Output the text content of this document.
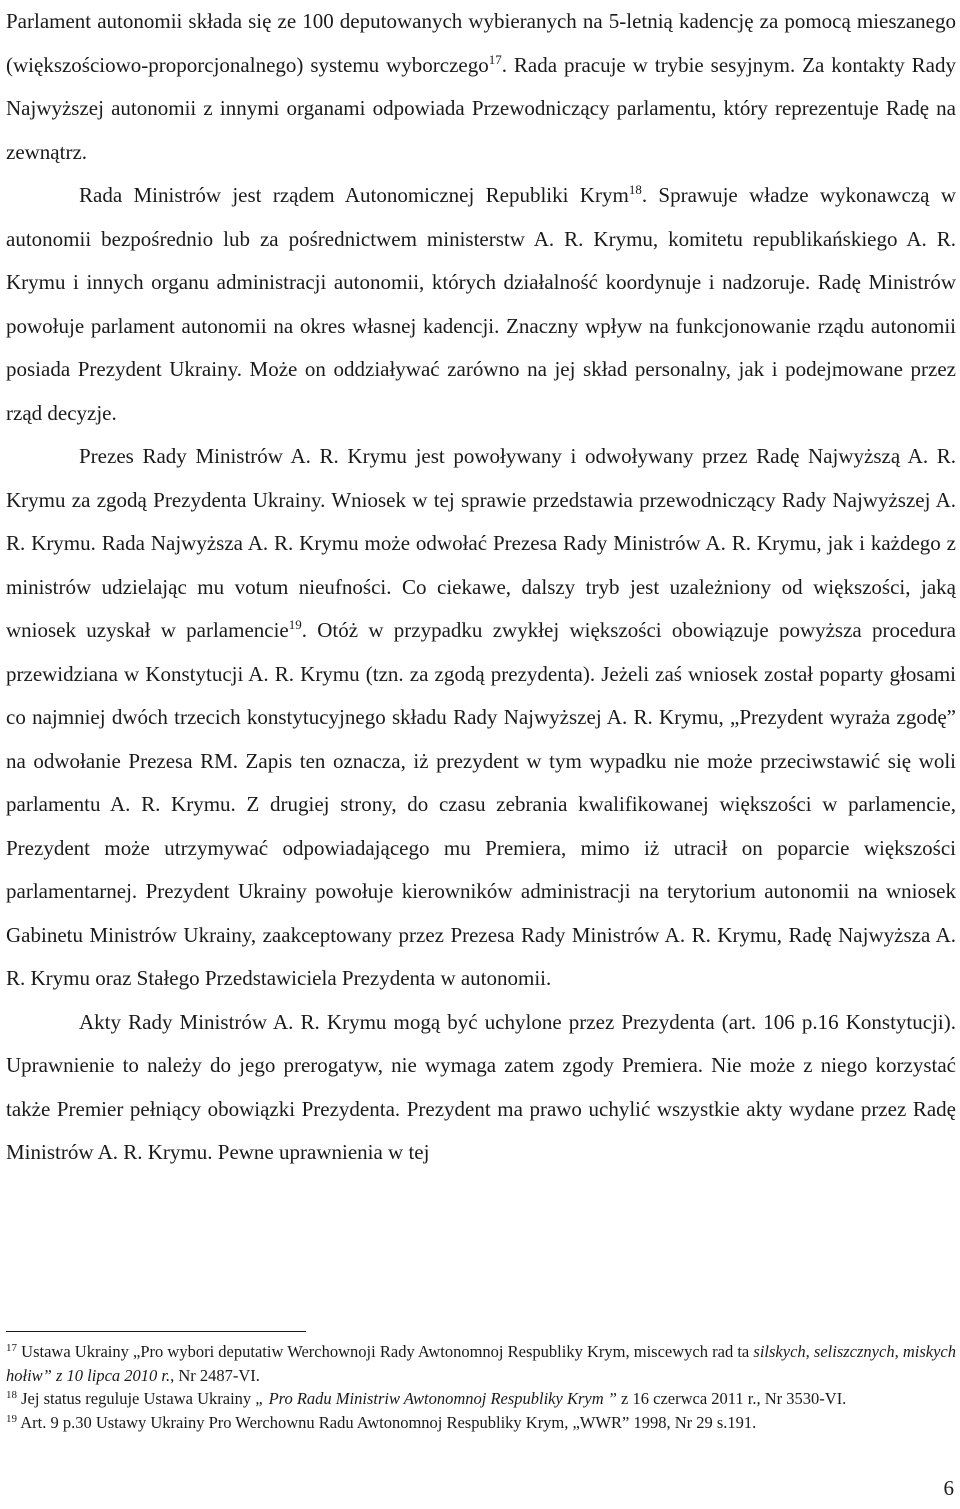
Parlament autonomii składa się ze 100 deputowanych wybieranych na 5-letnią kadencję za pomocą mieszanego (większościowo-proporcjonalnego) systemu wyborczego$^{17}$. Rada pracuje w trybie sesyjnym. Za kontakty Rady Najwyższej autonomii z innymi organami odpowiada Przewodniczący parlamentu, który reprezentuje Radę na zewnątrz.

Rada Ministrów jest rządem Autonomicznej Republiki Krym$^{18}$. Sprawuje władze wykonawczą w autonomii bezpośrednio lub za pośrednictwem ministerstw A. R. Krymu, komitetu republikańskiego A. R. Krymu i innych organu administracji autonomii, których działalność koordynuje i nadzoruje. Radę Ministrów powołuje parlament autonomii na okres własnej kadencji. Znaczny wpływ na funkcjonowanie rządu autonomii posiada Prezydent Ukrainy. Może on oddziaływać zarówno na jej skład personalny, jak i podejmowane przez rząd decyzje.

Prezes Rady Ministrów A. R. Krymu jest powoływany i odwoływany przez Radę Najwyższą A. R. Krymu za zgodą Prezydenta Ukrainy. Wniosek w tej sprawie przedstawia przewodniczący Rady Najwyższej A. R. Krymu. Rada Najwyższa A. R. Krymu może odwołać Prezesa Rady Ministrów A. R. Krymu, jak i każdego z ministrów udzielając mu votum nieufności. Co ciekawe, dalszy tryb jest uzależniony od większości, jaką wniosek uzyskał w parlamencie$^{19}$. Otóż w przypadku zwykłej większości obowiązuje powyższa procedura przewidziana w Konstytucji A. R. Krymu (tzn. za zgodą prezydenta). Jeżeli zaś wniosek został poparty głosami co najmniej dwóch trzecich konstytucyjnego składu Rady Najwyższej A. R. Krymu, „Prezydent wyraża zgodę” na odwołanie Prezesa RM. Zapis ten oznacza, iż prezydent w tym wypadku nie może przeciwstawić się woli parlamentu A. R. Krymu. Z drugiej strony, do czasu zebrania kwalifikowanej większości w parlamencie, Prezydent może utrzymywać odpowiadającego mu Premiera, mimo iż utracił on poparcie większości parlamentarnej. Prezydent Ukrainy powołuje kierowników administracji na terytorium autonomii na wniosek Gabinetu Ministrów Ukrainy, zaakceptowany przez Prezesa Rady Ministrów A. R. Krymu, Radę Najwyższa A. R. Krymu oraz Stałego Przedstawiciela Prezydenta w autonomii.

Akty Rady Ministrów A. R. Krymu mogą być uchylone przez Prezydenta (art. 106 p.16 Konstytucji). Uprawnienie to należy do jego prerogatyw, nie wymaga zatem zgody Premiera. Nie może z niego korzystać także Premier pełniący obowiązki Prezydenta. Prezydent ma prawo uchylić wszystkie akty wydane przez Radę Ministrów A. R. Krymu. Pewne uprawnienia w tej

$^{17}$ Ustawa Ukrainy „Pro wybori deputatiw Werchownoji Rady Awtonomnoj Respubliky Krym, miscewych rad ta silskych, seliszcznych, miskych hołiw” z 10 lipca 2010 r., Nr 2487-VI.

$^{18}$ Jej status reguluje Ustawa Ukrainy „ Pro Radu Ministriw Awtonomnoj Respubliky Krym ” z 16 czerwca 2011 r., Nr 3530-VI.

$^{19}$ Art. 9 p.30 Ustawy Ukrainy Pro Werchownu Radu Awtonomnoj Respubliky Krym, „WWR” 1998, Nr 29 s.191.

6
